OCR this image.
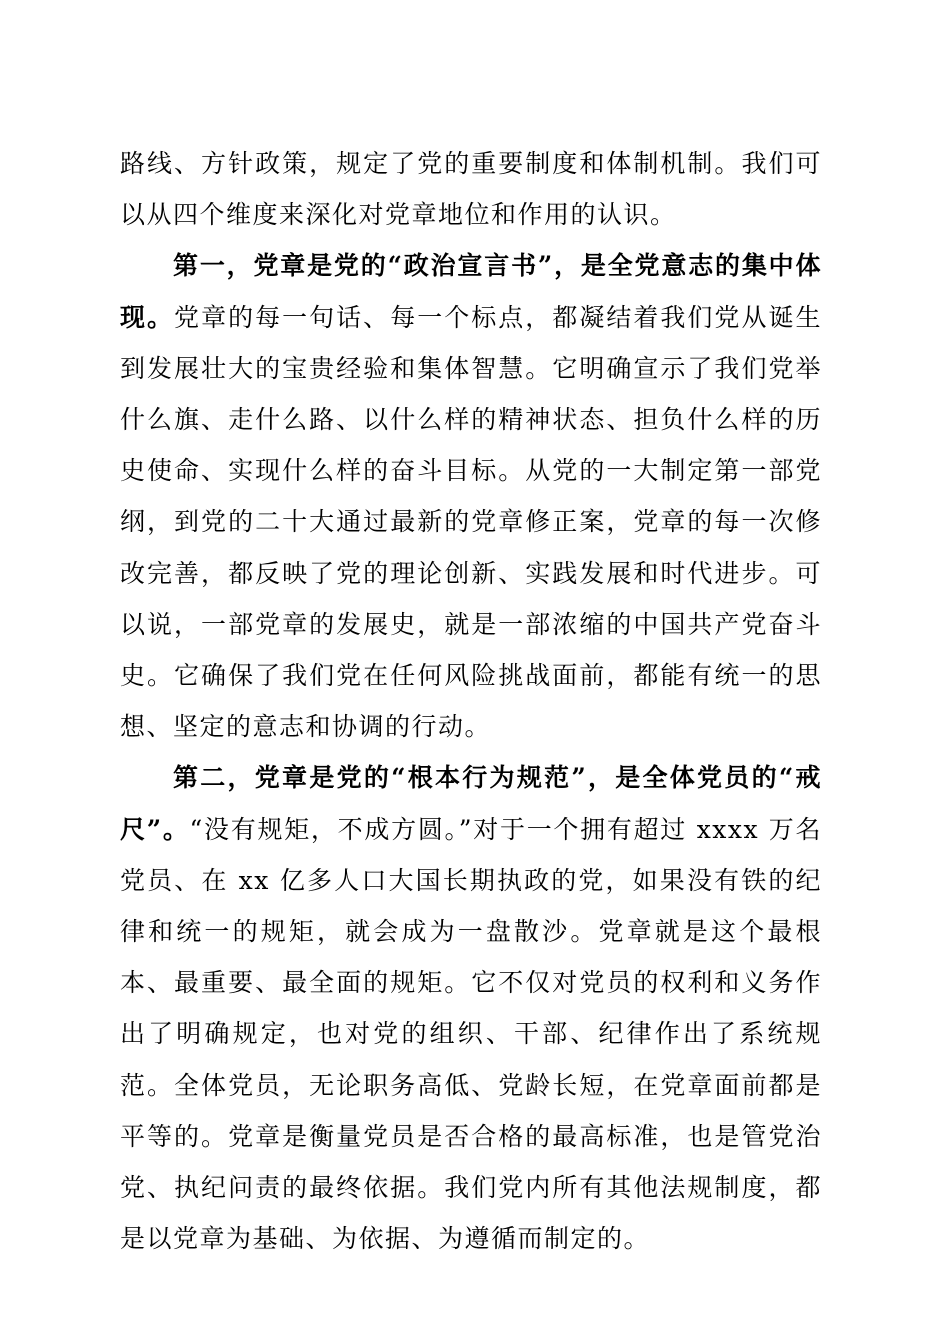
路线、方针政策，规定了党的重要制度和体制机制。我们可以从四个维度来深化对党章地位和作用的认识。

第一，党章是党的“政治宣言书”，是全党意志的集中体现。党章的每一句话、每一个标点，都凝结着我们党从诞生到发展壮大的宝贵经验和集体智慧。它明确宣示了我们党举什么旗、走什么路、以什么样的精神状态、担负什么样的历史使命、实现什么样的奋斗目标。从党的一大制定第一部党纲，到党的二十大通过最新的党章修正案，党章的每一次修改完善，都反映了党的理论创新、实践发展和时代进步。可以说，一部党章的发展史，就是一部浓缩的中国共产党奋斗史。它确保了我们党在任何风险挑战面前，都能有统一的思想、坚定的意志和协调的行动。

第二，党章是党的“根本行为规范”，是全体党员的“戒尺”。“没有规矩，不成方圆。”对于一个拥有超过 xxxx 万名党员、在 xx 亿多人口大国长期执政的党，如果没有铁的纪律和统一的规矩，就会成为一盘散沙。党章就是这个最根本、最重要、最全面的规矩。它不仅对党员的权利和义务作出了明确规定，也对党的组织、干部、纪律作出了系统规范。全体党员，无论职务高低、党龄长短，在党章面前都是平等的。党章是衡量党员是否合格的最高标准，也是管党治党、执纪问责的最终依据。我们党内所有其他法规制度，都是以党章为基础、为依据、为遵循而制定的。
